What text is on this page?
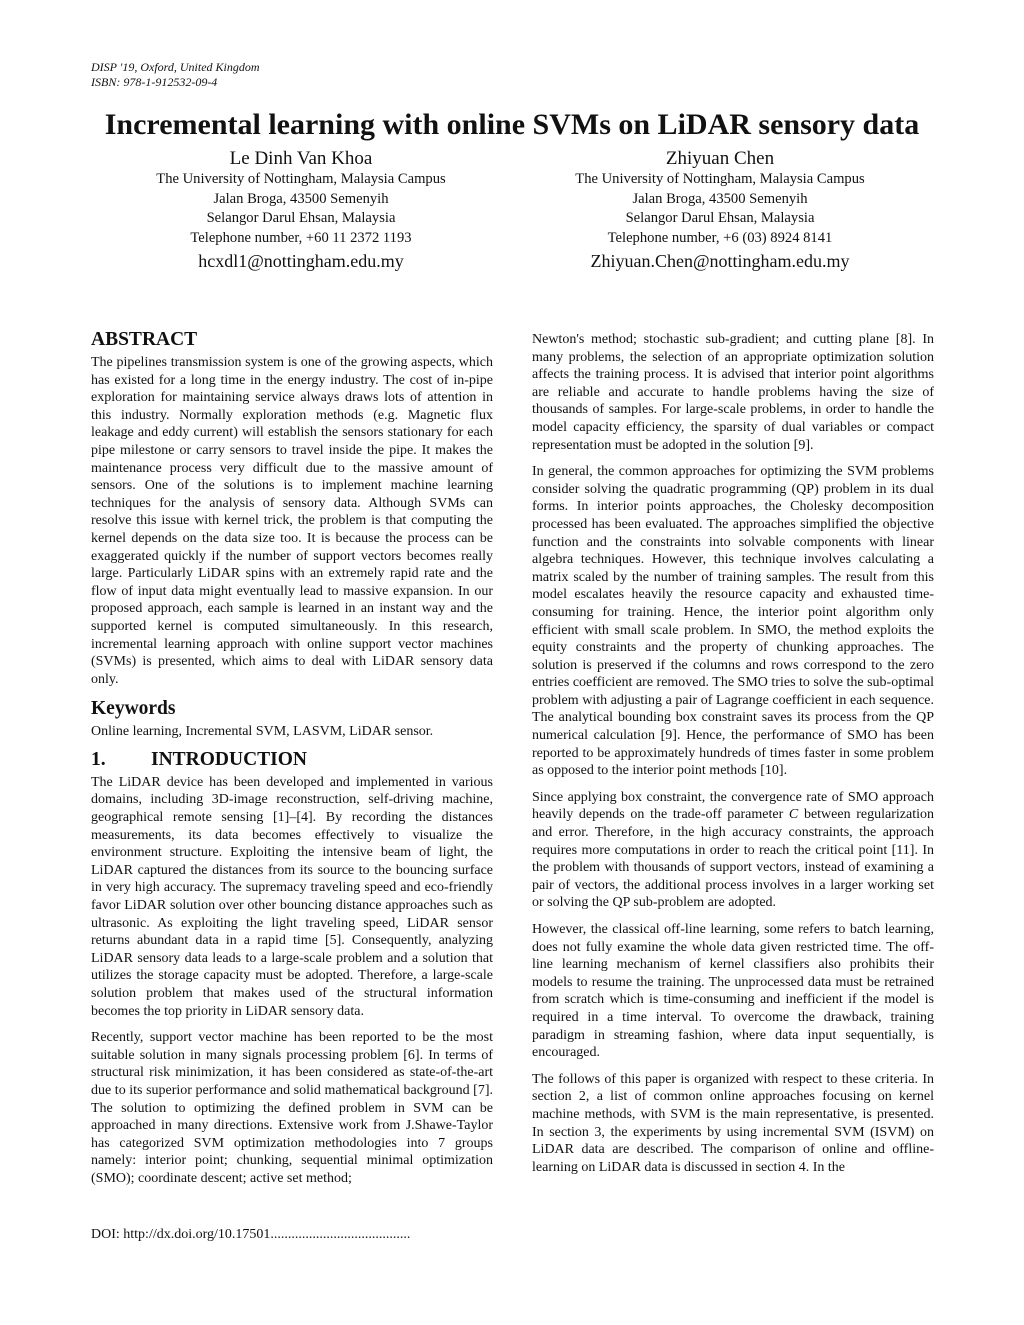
DISP '19, Oxford, United Kingdom
ISBN: 978-1-912532-09-4
Incremental learning with online SVMs on LiDAR sensory data
Le Dinh Van Khoa
The University of Nottingham, Malaysia Campus
Jalan Broga, 43500 Semenyih
Selangor Darul Ehsan, Malaysia
Telephone number, +60 11 2372 1193
hcxdl1@nottingham.edu.my
Zhiyuan Chen
The University of Nottingham, Malaysia Campus
Jalan Broga, 43500 Semenyih
Selangor Darul Ehsan, Malaysia
Telephone number, +6 (03) 8924 8141
Zhiyuan.Chen@nottingham.edu.my
ABSTRACT

The pipelines transmission system is one of the growing aspects, which has existed for a long time in the energy industry. The cost of in-pipe exploration for maintaining service always draws lots of attention in this industry. Normally exploration methods (e.g. Magnetic flux leakage and eddy current) will establish the sensors stationary for each pipe milestone or carry sensors to travel inside the pipe. It makes the maintenance process very difficult due to the massive amount of sensors. One of the solutions is to implement machine learning techniques for the analysis of sensory data. Although SVMs can resolve this issue with kernel trick, the problem is that computing the kernel depends on the data size too. It is because the process can be exaggerated quickly if the number of support vectors becomes really large. Particularly LiDAR spins with an extremely rapid rate and the flow of input data might eventually lead to massive expansion. In our proposed approach, each sample is learned in an instant way and the supported kernel is computed simultaneously. In this research, incremental learning approach with online support vector machines (SVMs) is presented, which aims to deal with LiDAR sensory data only.

Keywords

Online learning, Incremental SVM, LASVM, LiDAR sensor.

1. INTRODUCTION

The LiDAR device has been developed and implemented in various domains, including 3D-image reconstruction, self-driving machine, geographical remote sensing [1]–[4]. By recording the distances measurements, its data becomes effectively to visualize the environment structure. Exploiting the intensive beam of light, the LiDAR captured the distances from its source to the bouncing surface in very high accuracy. The supremacy traveling speed and eco-friendly favor LiDAR solution over other bouncing distance approaches such as ultrasonic. As exploiting the light traveling speed, LiDAR sensor returns abundant data in a rapid time [5]. Consequently, analyzing LiDAR sensory data leads to a large-scale problem and a solution that utilizes the storage capacity must be adopted. Therefore, a large-scale solution problem that makes used of the structural information becomes the top priority in LiDAR sensory data.

Recently, support vector machine has been reported to be the most suitable solution in many signals processing problem [6]. In terms of structural risk minimization, it has been considered as state-of-the-art due to its superior performance and solid mathematical background [7]. The solution to optimizing the defined problem in SVM can be approached in many directions. Extensive work from J.Shawe-Taylor has categorized SVM optimization methodologies into 7 groups namely: interior point; chunking, sequential minimal optimization (SMO); coordinate descent; active set method;

Newton's method; stochastic sub-gradient; and cutting plane [8]. In many problems, the selection of an appropriate optimization solution affects the training process. It is advised that interior point algorithms are reliable and accurate to handle problems having the size of thousands of samples. For large-scale problems, in order to handle the model capacity efficiency, the sparsity of dual variables or compact representation must be adopted in the solution [9].

In general, the common approaches for optimizing the SVM problems consider solving the quadratic programming (QP) problem in its dual forms. In interior points approaches, the Cholesky decomposition processed has been evaluated. The approaches simplified the objective function and the constraints into solvable components with linear algebra techniques. However, this technique involves calculating a matrix scaled by the number of training samples. The result from this model escalates heavily the resource capacity and exhausted time-consuming for training. Hence, the interior point algorithm only efficient with small scale problem. In SMO, the method exploits the equity constraints and the property of chunking approaches. The solution is preserved if the columns and rows correspond to the zero entries coefficient are removed. The SMO tries to solve the sub-optimal problem with adjusting a pair of Lagrange coefficient in each sequence. The analytical bounding box constraint saves its process from the QP numerical calculation [9]. Hence, the performance of SMO has been reported to be approximately hundreds of times faster in some problem as opposed to the interior point methods [10].

Since applying box constraint, the convergence rate of SMO approach heavily depends on the trade-off parameter C between regularization and error. Therefore, in the high accuracy constraints, the approach requires more computations in order to reach the critical point [11]. In the problem with thousands of support vectors, instead of examining a pair of vectors, the additional process involves in a larger working set or solving the QP sub-problem are adopted.

However, the classical off-line learning, some refers to batch learning, does not fully examine the whole data given restricted time. The off-line learning mechanism of kernel classifiers also prohibits their models to resume the training. The unprocessed data must be retrained from scratch which is time-consuming and inefficient if the model is required in a time interval. To overcome the drawback, training paradigm in streaming fashion, where data input sequentially, is encouraged.

The follows of this paper is organized with respect to these criteria. In section 2, a list of common online approaches focusing on kernel machine methods, with SVM is the main representative, is presented. In section 3, the experiments by using incremental SVM (ISVM) on LiDAR data are described. The comparison of online and offline-learning on LiDAR data is discussed in section 4. In the

DOI: http://dx.doi.org/10.17501........................................
